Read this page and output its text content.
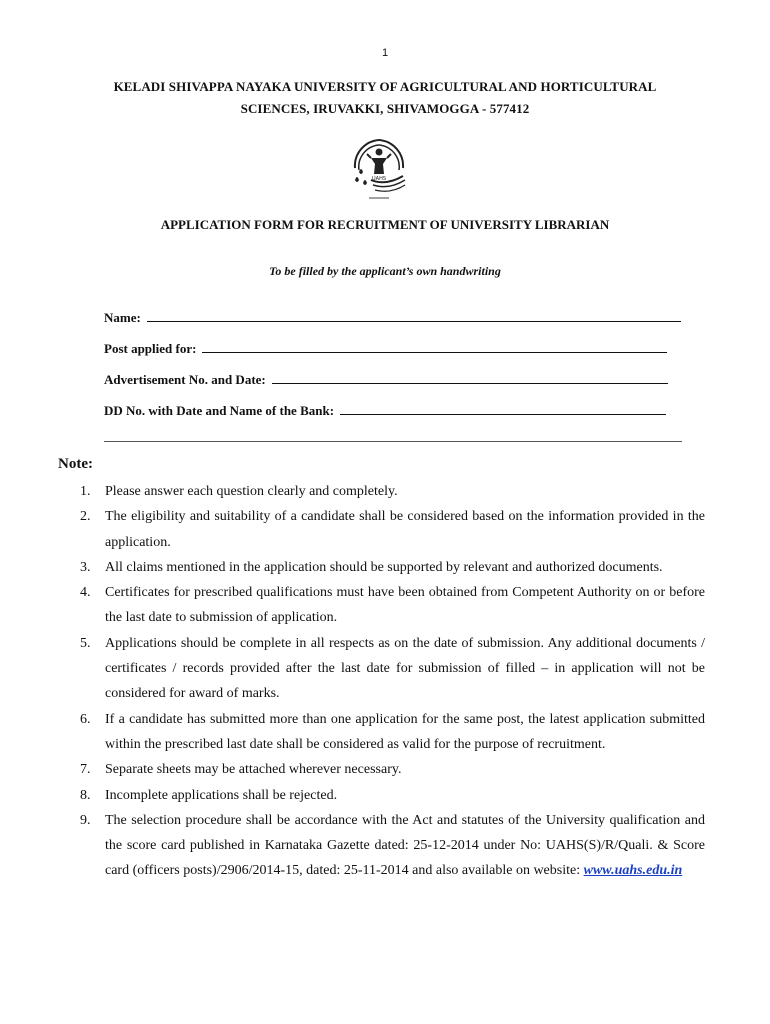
1
KELADI SHIVAPPA NAYAKA UNIVERSITY OF AGRICULTURAL AND HORTICULTURAL
SCIENCES, IRUVAKKI, SHIVAMOGGA - 577412
UAHS
APPLICATION FORM FOR RECRUITMENT OF UNIVERSITY LIBRARIAN
To be filled by the applicant’s own handwriting
Name:
Post applied for:
Advertisement No. and Date:
DD No. with Date and Name of the Bank:
Note:
1.	Please answer each question clearly and completely.
2.	The eligibility and suitability of a candidate shall be considered based on the information provided in the application.
3.	All claims mentioned in the application should be supported by relevant and authorized documents.
4.	Certificates for prescribed qualifications must have been obtained from Competent Authority on or before the last date to submission of application.
5.	Applications should be complete in all respects as on the date of submission. Any additional documents / certificates / records provided after the last date for submission of filled – in application will not be considered for award of marks.
6.	If a candidate has submitted more than one application for the same post, the latest application submitted within the prescribed last date shall be considered as valid for the purpose of recruitment.
7.	Separate sheets may be attached wherever necessary.
8.	Incomplete applications shall be rejected.
9.	The selection procedure shall be accordance with the Act and statutes of the University qualification and the score card published in Karnataka Gazette dated: 25-12-2014 under No: UAHS(S)/R/Quali. & Score card (officers posts)/2906/2014-15, dated: 25-11-2014 and also available on website: www.uahs.edu.in
